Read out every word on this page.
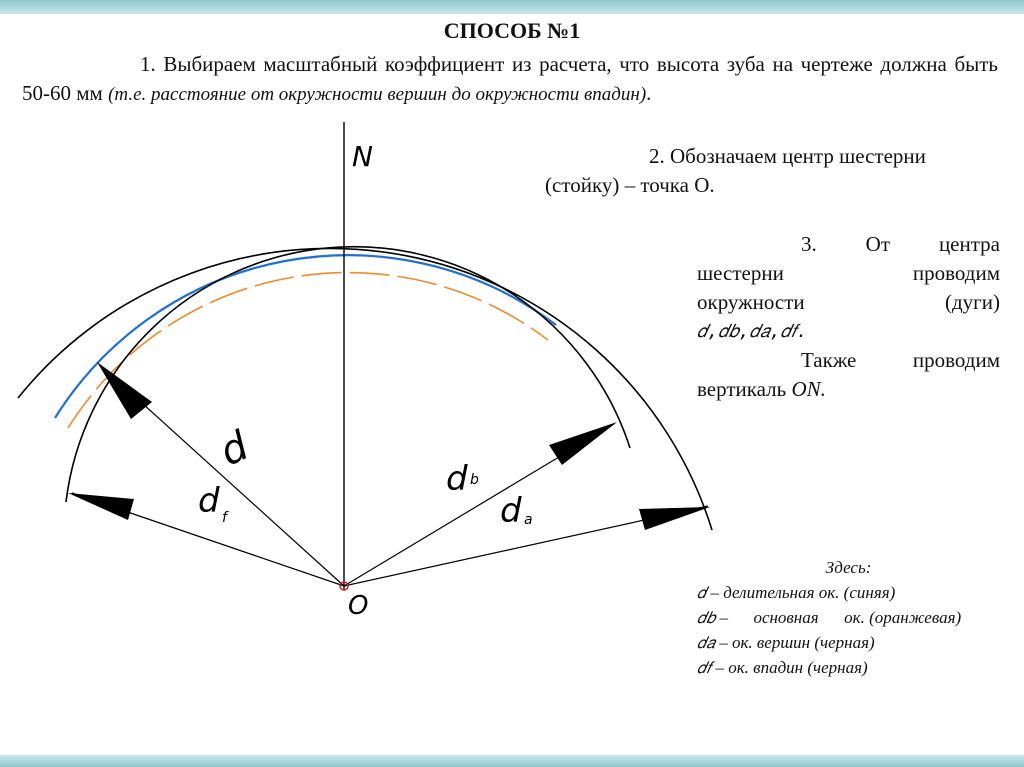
СПОСОБ №1
1. Выбираем масштабный коэффициент из расчета, что высота зуба на чертеже должна быть 50-60 мм (т.е. расстояние от окружности вершин до окружности впадин).
2. Обозначаем центр шестерни
(стойку) – точка О.
3. От центра
шестерни	проводим
окружности	(дуги)
𝑑,𝑑𝑏,𝑑𝑎,𝑑𝑓.
Также	проводим
вертикаль ON.
Здесь:
𝑑 – делительная ок. (синяя)
𝑑𝑏 –      основная      ок. (оранжевая)
𝑑𝑎 – ок. вершин (черная)
𝑑𝑓 – ок. впадин (черная)
N
O
d
d f
d b
d a
